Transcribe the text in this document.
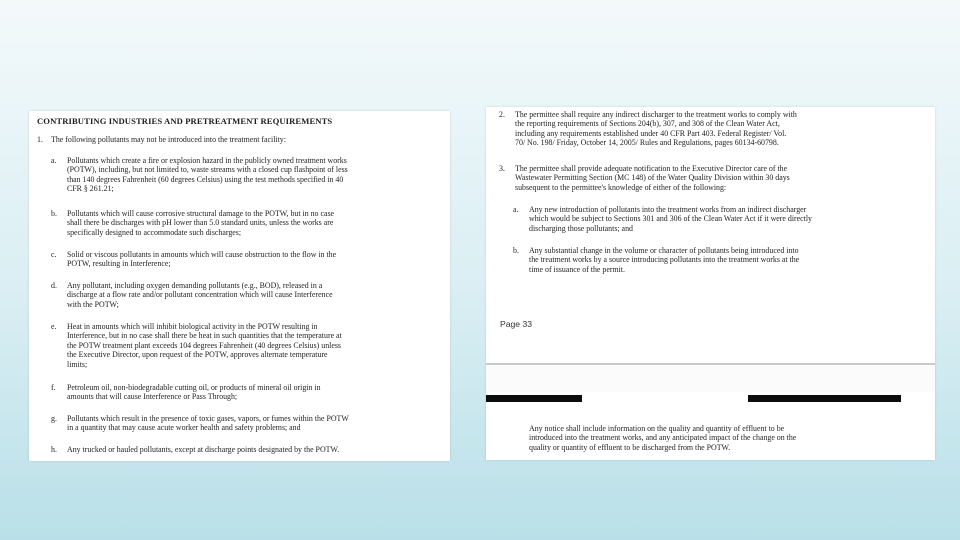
CONTRIBUTING INDUSTRIES AND PRETREATMENT REQUIREMENTS
1. The following pollutants may not be introduced into the treatment facility:
a. Pollutants which create a fire or explosion hazard in the publicly owned treatment works
(POTW), including, but not limited to, waste streams with a closed cup flashpoint of less
than 140 degrees Fahrenheit (60 degrees Celsius) using the test methods specified in 40
CFR § 261.21;
b. Pollutants which will cause corrosive structural damage to the POTW, but in no case
shall there be discharges with pH lower than 5.0 standard units, unless the works are
specifically designed to accommodate such discharges;
c. Solid or viscous pollutants in amounts which will cause obstruction to the flow in the
POTW, resulting in Interference;
d. Any pollutant, including oxygen demanding pollutants (e.g., BOD), released in a
discharge at a flow rate and/or pollutant concentration which will cause Interference
with the POTW;
e. Heat in amounts which will inhibit biological activity in the POTW resulting in
Interference, but in no case shall there be heat in such quantities that the temperature at
the POTW treatment plant exceeds 104 degrees Fahrenheit (40 degrees Celsius) unless
the Executive Director, upon request of the POTW, approves alternate temperature
limits;
f. Petroleum oil, non-biodegradable cutting oil, or products of mineral oil origin in
amounts that will cause Interference or Pass Through;
g. Pollutants which result in the presence of toxic gases, vapors, or fumes within the POTW
in a quantity that may cause acute worker health and safety problems; and
h. Any trucked or hauled pollutants, except at discharge points designated by the POTW.
2. The permittee shall require any indirect discharger to the treatment works to comply with
the reporting requirements of Sections 204(b), 307, and 308 of the Clean Water Act,
including any requirements established under 40 CFR Part 403. Federal Register/ Vol.
70/ No. 198/ Friday, October 14, 2005/ Rules and Regulations, pages 60134-60798.
3. The permittee shall provide adequate notification to the Executive Director care of the
Wastewater Permitting Section (MC 148) of the Water Quality Division within 30 days
subsequent to the permittee's knowledge of either of the following:
a. Any new introduction of pollutants into the treatment works from an indirect discharger
which would be subject to Sections 301 and 306 of the Clean Water Act if it were directly
discharging those pollutants; and
b. Any substantial change in the volume or character of pollutants being introduced into
the treatment works by a source introducing pollutants into the treatment works at the
time of issuance of the permit.
Page 33
Any notice shall include information on the quality and quantity of effluent to be
introduced into the treatment works, and any anticipated impact of the change on the
quality or quantity of effluent to be discharged from the POTW.
